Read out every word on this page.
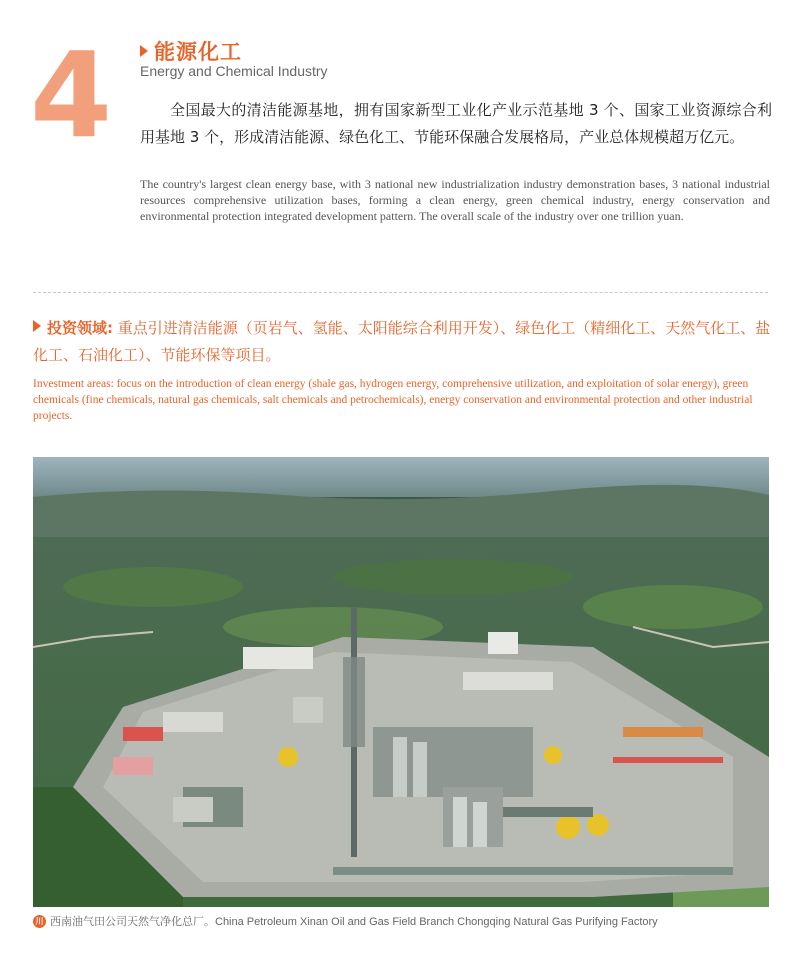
4 能源化工
Energy and Chemical Industry
全国最大的清洁能源基地，拥有国家新型工业化产业示范基地 3 个、国家工业资源综合利用基地 3 个，形成清洁能源、绿色化工、节能环保融合发展格局，产业总体规模超万亿元。
The country's largest clean energy base, with 3 national new industrialization industry demonstration bases, 3 national industrial resources comprehensive utilization bases, forming a clean energy, green chemical industry, energy conservation and environmental protection integrated development pattern. The overall scale of the industry over one trillion yuan.
投资领域: 重点引进清洁能源（页岩气、氢能、太阳能综合利用开发）、绿色化工（精细化工、天然气化工、盐化工、石油化工）、节能环保等项目。
Investment areas: focus on the introduction of clean energy (shale gas, hydrogen energy, comprehensive utilization, and exploitation of solar energy), green chemicals (fine chemicals, natural gas chemicals, salt chemicals and petrochemicals), energy conservation and environmental protection and other industrial projects.
川 西南油气田公司天然气净化总厂。China Petroleum Xinan Oil and Gas Field Branch Chongqing Natural Gas Purifying Factory
